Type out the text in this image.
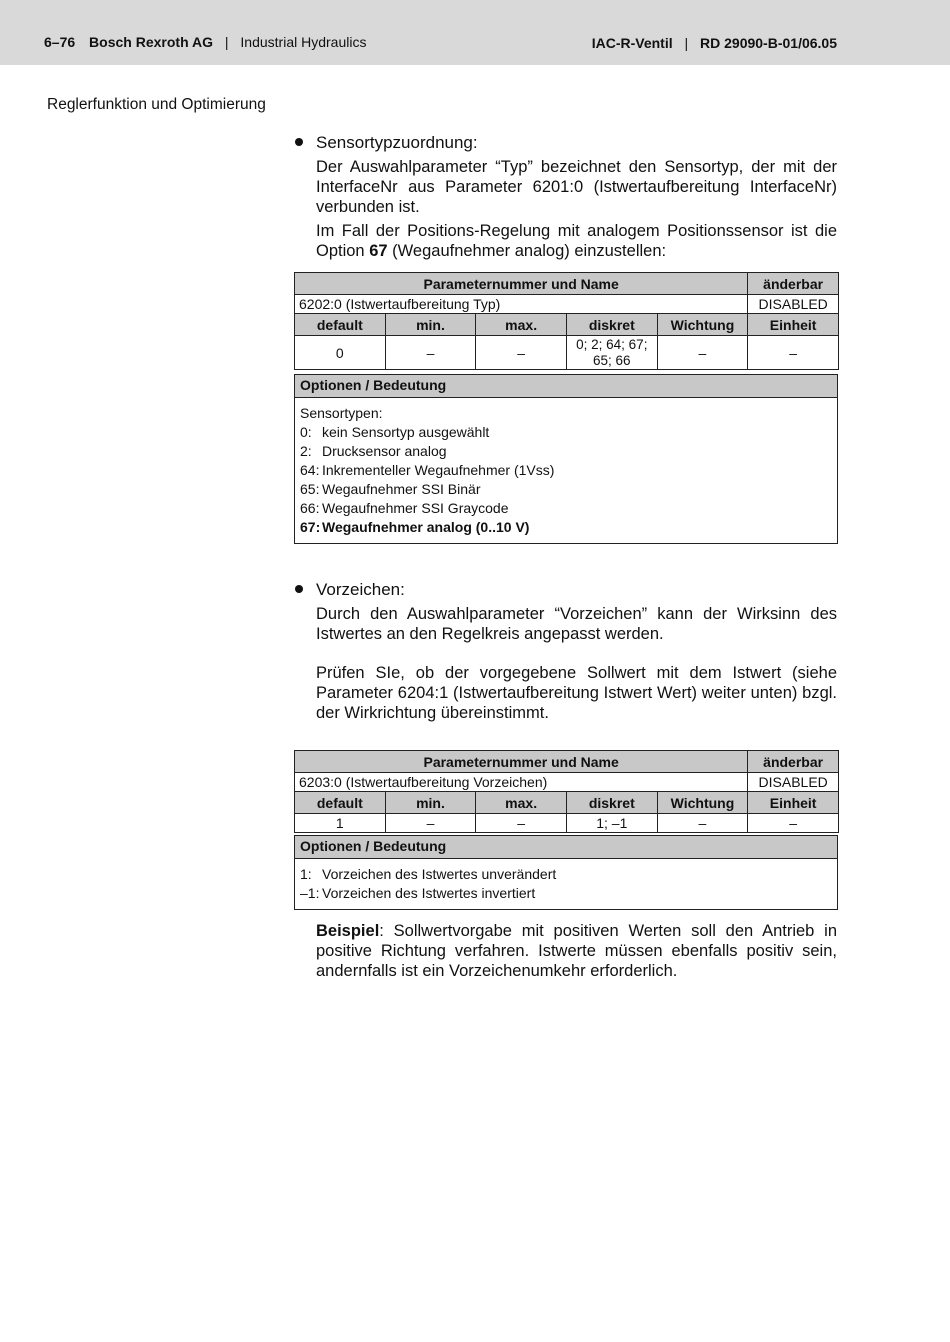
6–76 Bosch Rexroth AG | Industrial Hydraulics	IAC-R-Ventil | RD 29090-B-01/06.05
Reglerfunktion und Optimierung
Sensortypzuordnung:

Der Auswahlparameter “Typ” bezeichnet den Sensortyp, der mit der InterfaceNr aus Parameter 6201:0 (Istwertaufbereitung InterfaceNr) verbunden ist.

Im Fall der Positions-Regelung mit analogem Positionssensor ist die Option 67 (Wegaufnehmer analog) einzustellen:

Parameternummer und Name					änderbar
6202:0 (Istwertaufbereitung Typ)					DISABLED
default	min.	max.	diskret	Wichtung	Einheit
0	–	–	0; 2; 64; 67; 65; 66	–	–
Optionen / Bedeutung
Sensortypen:
0: kein Sensortyp ausgewählt
2: Drucksensor analog
64: Inkrementeller Wegaufnehmer (1Vss)
65: Wegaufnehmer SSI Binär
66: Wegaufnehmer SSI Graycode
67: Wegaufnehmer analog (0..10 V)
Vorzeichen:

Durch den Auswahlparameter “Vorzeichen” kann der Wirksinn des Istwertes an den Regelkreis angepasst werden.

Prüfen SIe, ob der vorgegebene Sollwert mit dem Istwert (siehe Parameter 6204:1 (Istwertaufbereitung Istwert Wert) weiter unten) bzgl. der Wirkrichtung übereinstimmt.

Parameternummer und Name					änderbar
6203:0 (Istwertaufbereitung Vorzeichen)					DISABLED
default	min.	max.	diskret	Wichtung	Einheit
1	–	–	1; –1	–	–
Optionen / Bedeutung
1: Vorzeichen des Istwertes unverändert
–1: Vorzeichen des Istwertes invertiert

Beispiel: Sollwertvorgabe mit positiven Werten soll den Antrieb in positive Richtung verfahren. Istwerte müssen ebenfalls positiv sein, andernfalls ist ein Vorzeichenumkehr erforderlich.
